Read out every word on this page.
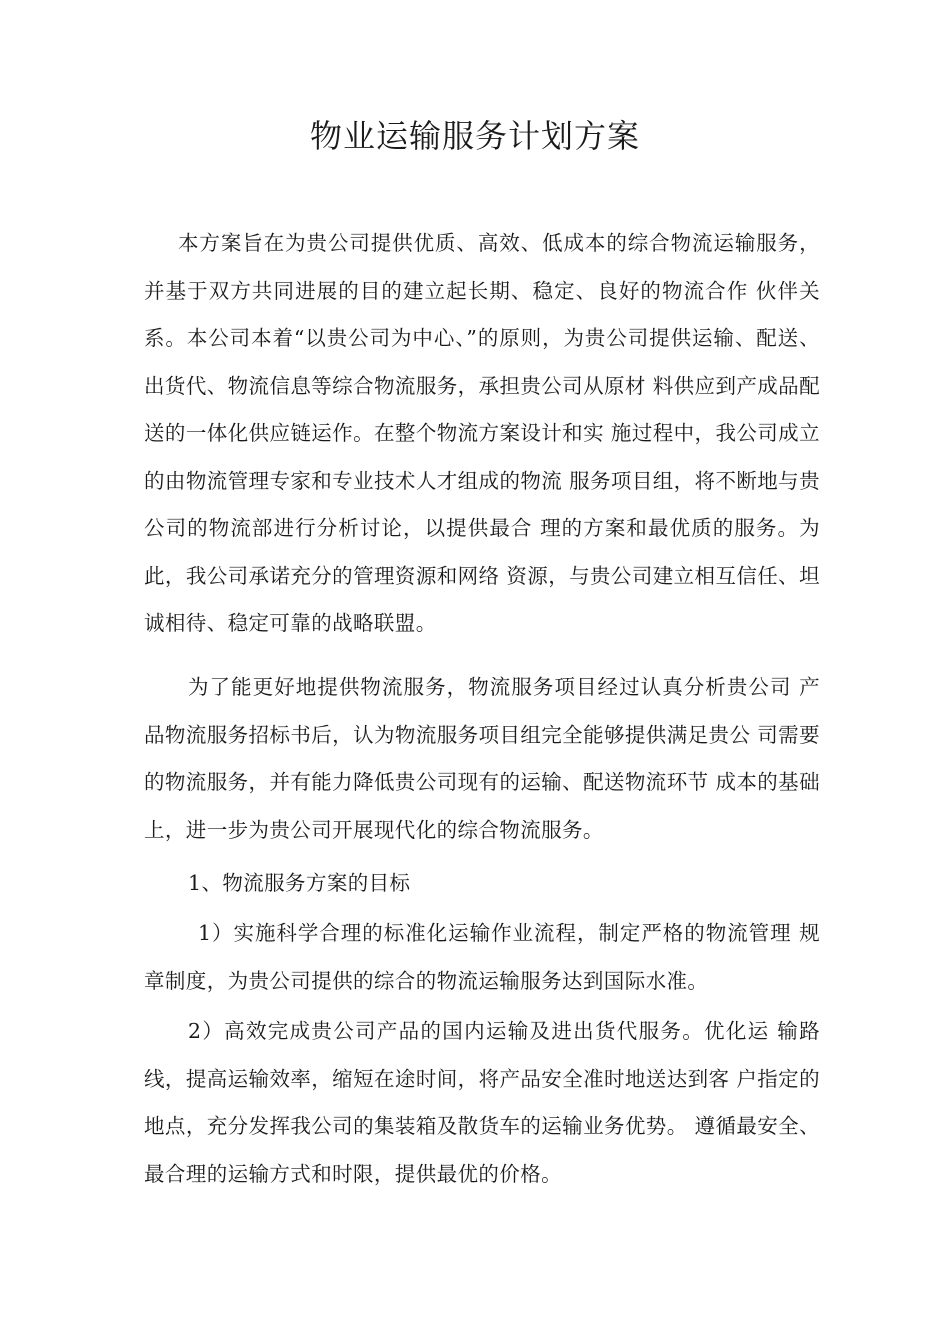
物业运输服务计划方案

本方案旨在为贵公司提供优质、高效、低成本的综合物流运输服务，并基于双方共同进展的目的建立起长期、稳定、良好的物流合作 伙伴关系。本公司本着“以贵公司为中心、”的原则，为贵公司提供运输、配送、出货代、物流信息等综合物流服务，承担贵公司从原材 料供应到产成品配送的一体化供应链运作。在整个物流方案设计和实 施过程中，我公司成立的由物流管理专家和专业技术人才组成的物流 服务项目组，将不断地与贵公司的物流部进行分析讨论，以提供最合 理的方案和最优质的服务。为此，我公司承诺充分的管理资源和网络 资源，与贵公司建立相互信任、坦诚相待、稳定可靠的战略联盟。

为了能更好地提供物流服务，物流服务项目经过认真分析贵公司 产品物流服务招标书后，认为物流服务项目组完全能够提供满足贵公 司需要的物流服务，并有能力降低贵公司现有的运输、配送物流环节 成本的基础上，进一步为贵公司开展现代化的综合物流服务。

1、物流服务方案的目标

1）实施科学合理的标准化运输作业流程，制定严格的物流管理 规章制度，为贵公司提供的综合的物流运输服务达到国际水准。

2）高效完成贵公司产品的国内运输及进出货代服务。优化运 输路线，提高运输效率，缩短在途时间，将产品安全准时地送达到客 户指定的地点，充分发挥我公司的集装箱及散货车的运输业务优势。 遵循最安全、最合理的运输方式和时限，提供最优的价格。
